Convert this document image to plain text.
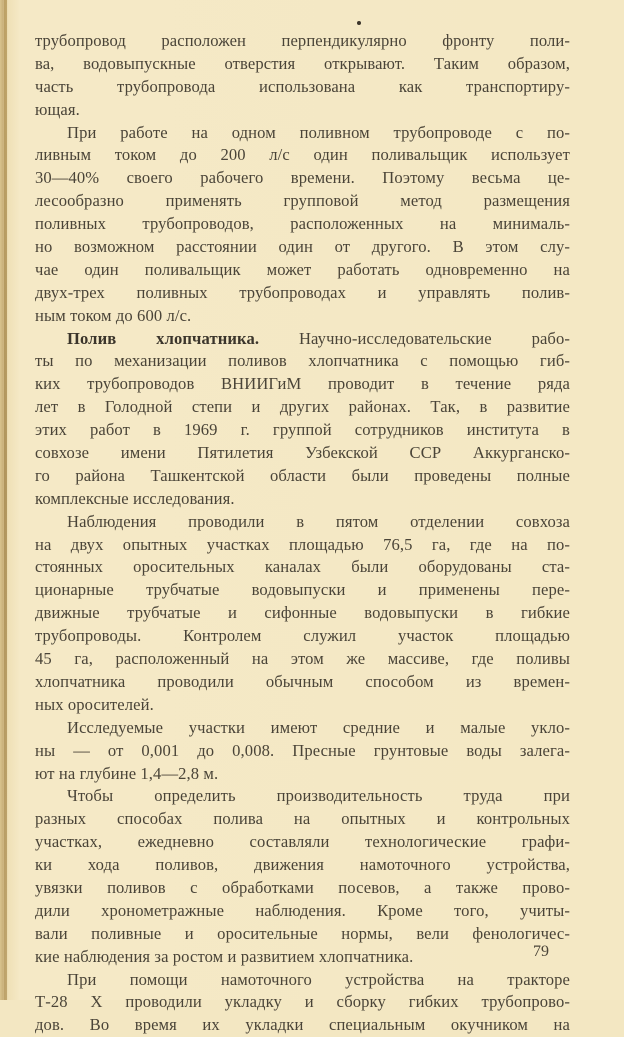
трубопровод расположен перпендикулярно фронту поли-
ва, водовыпускные отверстия открывают. Таким образом,
часть трубопровода использована как транспортиру-
ющая.
При работе на одном поливном трубопроводе с по-
ливным током до 200 л/с один поливальщик использует
30—40% своего рабочего времени. Поэтому весьма це-
лесообразно применять групповой метод размещения
поливных трубопроводов, расположенных на минималь-
но возможном расстоянии один от другого. В этом слу-
чае один поливальщик может работать одновременно на
двух-трех поливных трубопроводах и управлять полив-
ным током до 600 л/с.
Полив хлопчатника. Научно-исследовательские рабо-
ты по механизации поливов хлопчатника с помощью гиб-
ких трубопроводов ВНИИГиМ проводит в течение ряда
лет в Голодной степи и других районах. Так, в развитие
этих работ в 1969 г. группой сотрудников института в
совхозе имени Пятилетия Узбекской ССР Аккурганско-
го района Ташкентской области были проведены полные
комплексные исследования.
Наблюдения проводили в пятом отделении совхоза
на двух опытных участках площадью 76,5 га, где на по-
стоянных оросительных каналах были оборудованы ста-
ционарные трубчатые водовыпуски и применены пере-
движные трубчатые и сифонные водовыпуски в гибкие
трубопроводы. Контролем служил участок площадью
45 га, расположенный на этом же массиве, где поливы
хлопчатника проводили обычным способом из времен-
ных оросителей.
Исследуемые участки имеют средние и малые укло-
ны — от 0,001 до 0,008. Пресные грунтовые воды залега-
ют на глубине 1,4—2,8 м.
Чтобы определить производительность труда при
разных способах полива на опытных и контрольных
участках, ежедневно составляли технологические графи-
ки хода поливов, движения намоточного устройства,
увязки поливов с обработками посевов, а также прово-
дили хронометражные наблюдения. Кроме того, учиты-
вали поливные и оросительные нормы, вели фенологичес-
кие наблюдения за ростом и развитием хлопчатника.
При помощи намоточного устройства на тракторе
Т-28 Х проводили укладку и сборку гибких трубопрово-
дов. Во время их укладки специальным окучником на
79
